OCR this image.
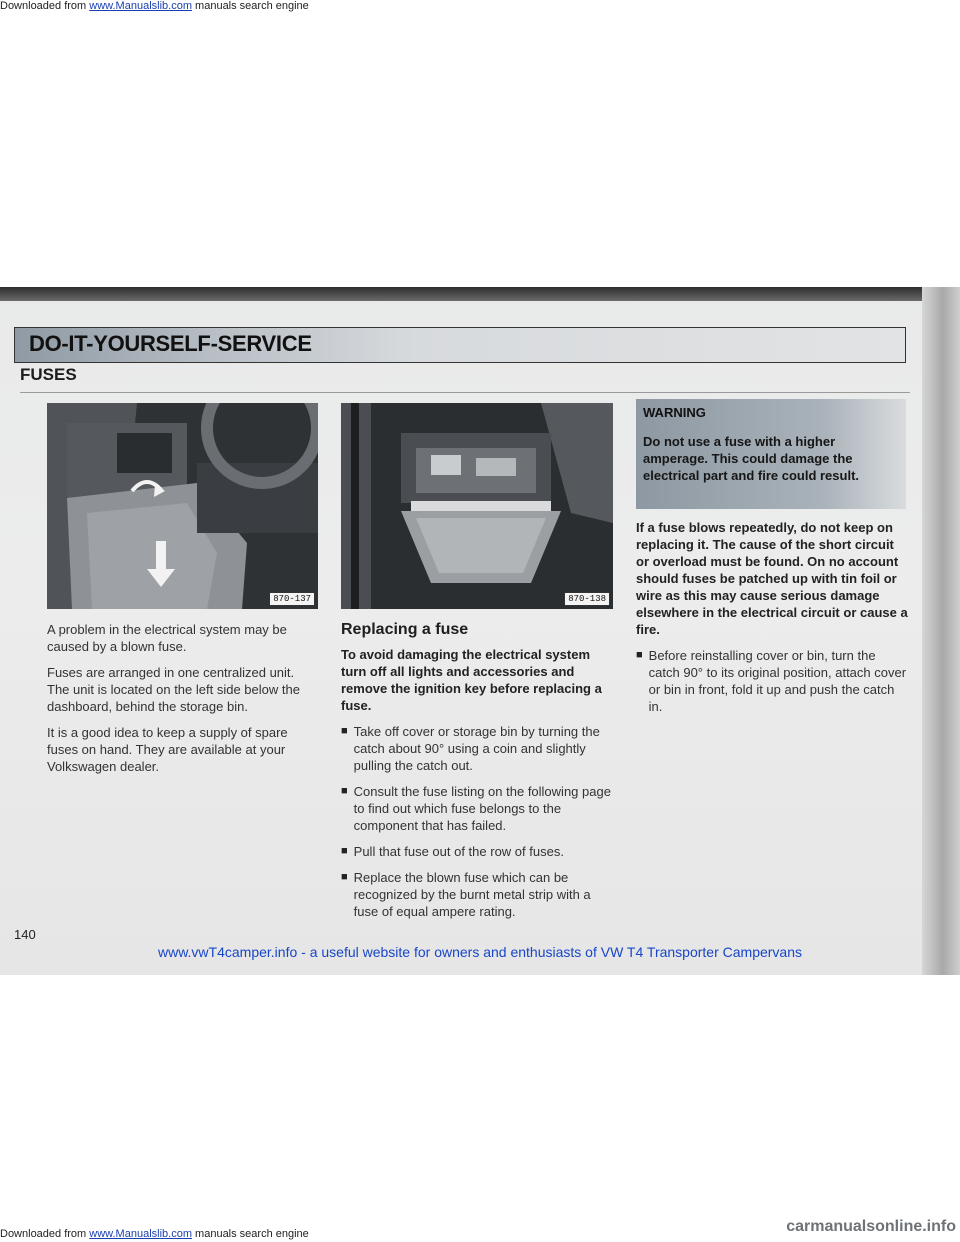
Downloaded from www.Manualslib.com manuals search engine
DO-IT-YOURSELF-SERVICE
FUSES
870-137	870-138

A problem in the electrical system may be caused by a blown fuse.

Fuses are arranged in one centralized unit. The unit is located on the left side below the dashboard, behind the storage bin.

It is a good idea to keep a supply of spare fuses on hand. They are available at your Volkswagen dealer.

Replacing a fuse

To avoid damaging the electrical system turn off all lights and accessories and remove the ignition key before replacing a fuse.

■ Take off cover or storage bin by turning the catch about 90° using a coin and slightly pulling the catch out.
■ Consult the fuse listing on the following page to find out which fuse belongs to the component that has failed.
■ Pull that fuse out of the row of fuses.
■ Replace the blown fuse which can be recognized by the burnt metal strip with a fuse of equal ampere rating.
WARNING
Do not use a fuse with a higher amperage. This could damage the electrical part and fire could result.

If a fuse blows repeatedly, do not keep on replacing it. The cause of the short circuit or overload must be found. On no account should fuses be patched up with tin foil or wire as this may cause serious damage elsewhere in the electrical circuit or cause a fire.

■ Before reinstalling cover or bin, turn the catch 90° to its original position, attach cover or bin in front, fold it up and push the catch in.
140
www.vwT4camper.info - a useful website for owners and enthusiasts of VW T4 Transporter Campervans
Downloaded from www.Manualslib.com manuals search engine	carmanualsonline.info
